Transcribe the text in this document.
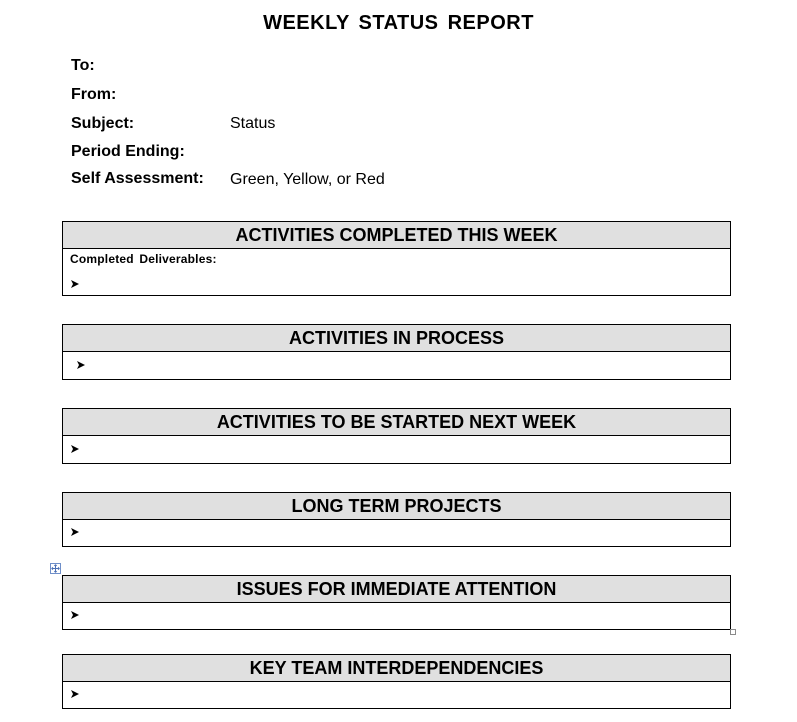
WEEKLY STATUS REPORT
To:
From:
Subject:	Status
Period Ending:
Self Assessment: Green, Yellow, or Red
ACTIVITIES COMPLETED THIS WEEK
Completed Deliverables:
ACTIVITIES IN PROCESS
ACTIVITIES TO BE STARTED NEXT WEEK
LONG TERM PROJECTS
ISSUES FOR IMMEDIATE ATTENTION
KEY TEAM INTERDEPENDENCIES
